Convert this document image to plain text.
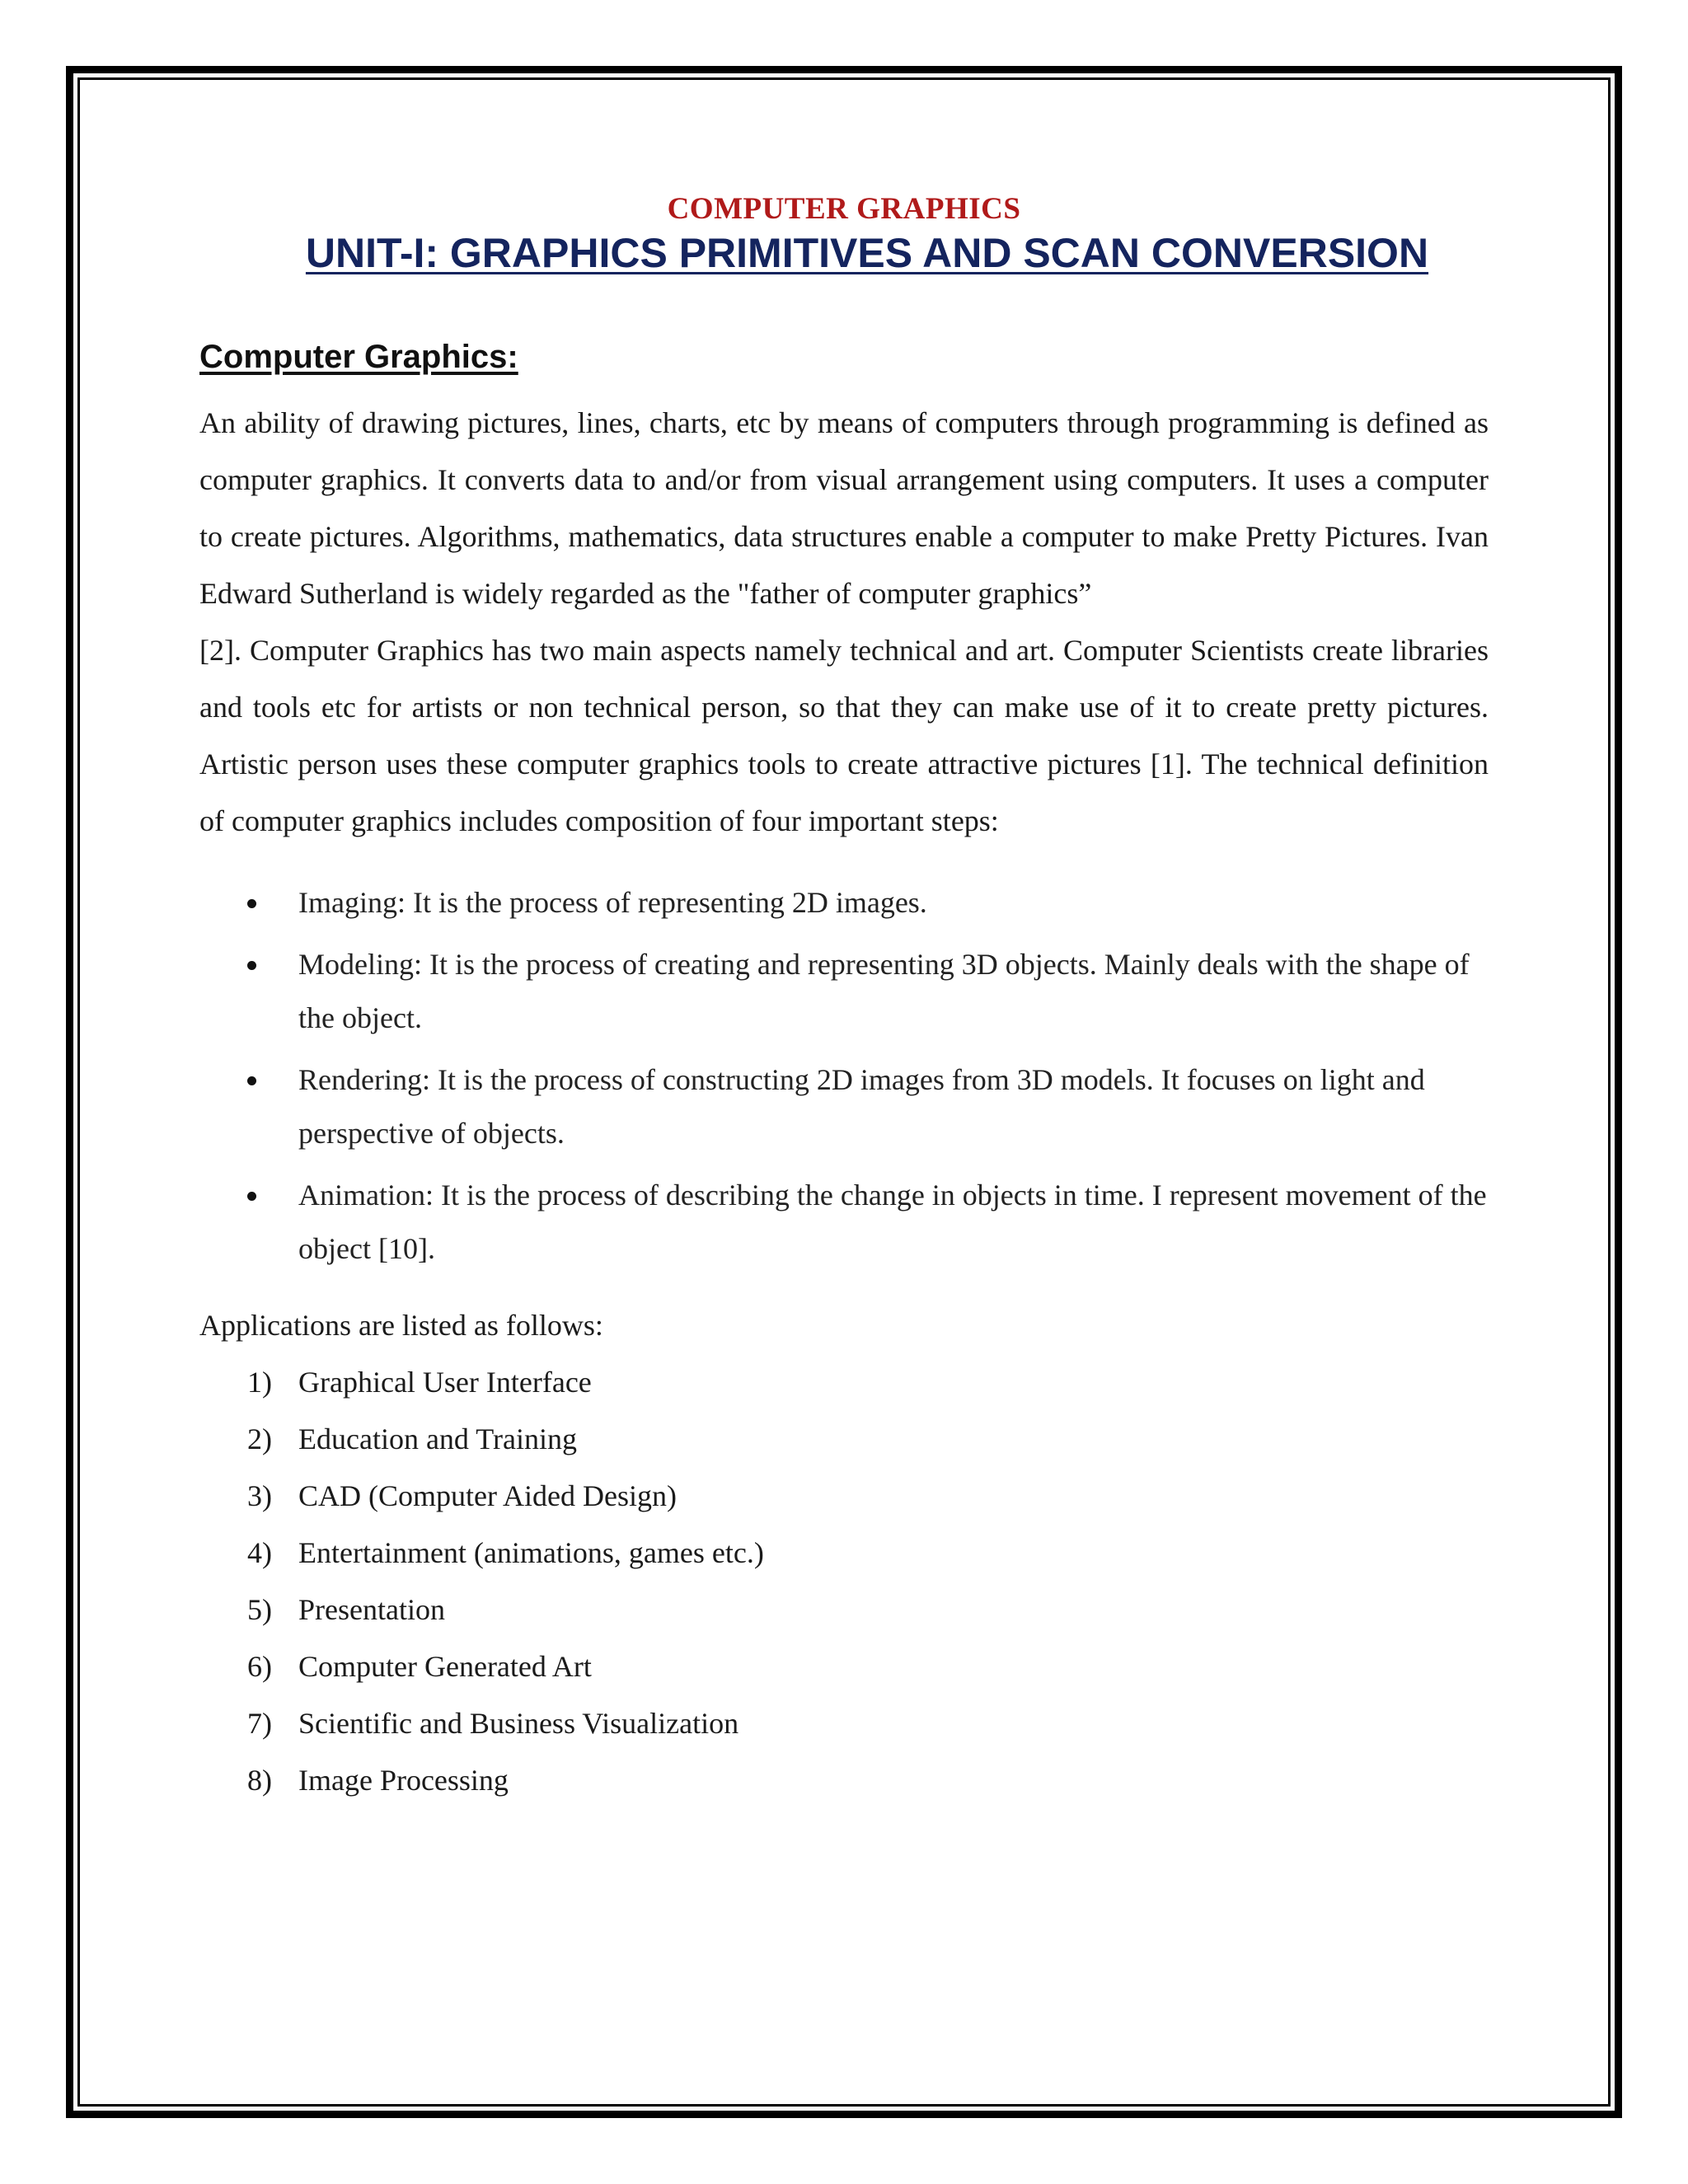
COMPUTER GRAPHICS
UNIT-I: GRAPHICS PRIMITIVES AND SCAN CONVERSION
Computer Graphics:

An ability of drawing pictures, lines, charts, etc by means of computers through programming is defined as computer graphics. It converts data to and/or from visual arrangement using computers. It uses a computer to create pictures. Algorithms, mathematics, data structures enable a computer to make Pretty Pictures. Ivan Edward Sutherland is widely regarded as the "father of computer graphics”

[2]. Computer Graphics has two main aspects namely technical and art. Computer Scientists create libraries and tools etc for artists or non technical person, so that they can make use of it to create pretty pictures. Artistic person uses these computer graphics tools to create attractive pictures [1]. The technical definition of computer graphics includes composition of four important steps:

Imaging: It is the process of representing 2D images.
Modeling: It is the process of creating and representing 3D objects. Mainly deals with the shape of the object.
Rendering: It is the process of constructing 2D images from 3D models. It focuses on light and perspective of objects.
Animation: It is the process of describing the change in objects in time. I represent movement of the object [10].

Applications are listed as follows:

1) Graphical User Interface
2) Education and Training
3) CAD (Computer Aided Design)
4) Entertainment (animations, games etc.)
5) Presentation
6) Computer Generated Art
7) Scientific and Business Visualization
8) Image Processing
